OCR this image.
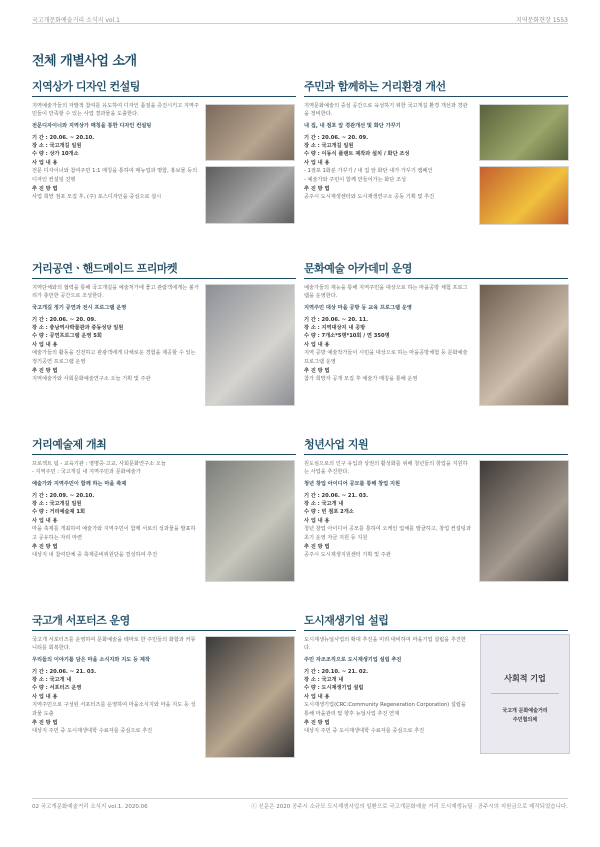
국고개문화예술거리 소식지 vol.1	지역문화현장 1553
전체 개별사업 소개
지역상가 디자인 컨설팅

지역예술가들의 자발적 참여를 유도하여 디자인 품질을 증진시키고 지역주민들이 만족할 수 있는 사업 결과물을 도출한다.

전문디자이너와 지역상가 매칭을 통한 디자인 컨설팅

기 간 : 20.06. ~ 20.10.

장 소 : 국고개길 일원

수 량 : 상가 10개소

사 업 내 용

전문 디자이너와 참여주민 1:1 매칭을 통하여 매뉴얼과 명함, 홍보물 등의 디자인 컨설팅 진행

추 진 방 법

사업 희망 점포 모집 후, (주) 포스디자인을 중심으로 설시

주민과 함께하는 거리환경 개선

지역문화예술의 중심 공간으로 육성하기 위한 국고개길 환경 개선과 경관을 정비한다.

내 집, 내 점포 앞 경관개선 및 화단 가꾸기

기 간 : 20.06. ~ 20. 09.

장 소 : 국고개길 일원

수 량 : 이동식 플랜트 제작과 설치 / 화단 조성

사 업 내 용

- 1점포 1화분 가꾸기 / 내 집 앞 화단 내가 가꾸기 캠페인
- 예술가와 주민이 함께 만들어가는 화단 조성

추 진 방 법

공주시 도시재생센터와 도시재생연구소 공동 기획 및 추진

거리공연ㆍ핸드메이드 프리마켓

지역단체와의 협력을 통해 국고개길을 예술처가에 좋고 관람객에게는 볼거리가 충만한 공간으로 조성한다.

국고개길 정기 공연과 전시 프로그램 운영

기 간 : 20.06. ~ 20. 09.

장 소 : 충남역사박물관과 중동성당 일원

수 량 : 공연프로그램 운영 5회

사 업 내 용

예술가들의 활동을 진전하고 관광객에게 다채로운 경험을 제공할 수 있는 정기공연 프로그램 운영

추 진 방 법

지역예술가와 사회문화예술연구소 오늘 기획 및 주관

문화예술 아카데미 운영

예술가들의 재능을 통해 지역주민을 대상으로 하는 마을공방 체험 프로그램을 운영한다.

지역주민 대상 마을 공방 등 교육 프로그램 운영

기 간 : 20.06. ~ 20. 11.

장 소 : 지역대상지 내 공방

수 량 : 7개소*5명*10회 / 연 350명

사 업 내 용

지역 공방 예술작가들이 시민을 대상으로 하는 마을공방체험 등 문화예술 프로그램 운영

추 진 방 법

참가 희망자 공개 모집 후 예술가 매칭을 통해 운영

거리예술제 개최

프로젝트 팀 - 교육기관 : 영명중·고교, 사회문화연구소 오늘
- 지역주민 : 국고개길 내 지역주민과 문화예술가

예술가와 지역주민이 함께 하는 마을 축제

기 간 : 20.09. ~ 20.10.

장 소 : 국고개길 일원

수 량 : 거리예술제 1회

사 업 내 용

마을 축제를 개최하여 예술가와 지역주민이 함께 서로의 성과물을 발표하고 공유하는 자리 마련

추 진 방 법

대상지 내 참여단체 중 축제준비위원단을 결성하여 추진

청년사업 지원

원도심으로의 인구 유입과 상권의 활성화를 위해 청년들의 창업을 지원하는 사업을 추진한다.

청년 창업 아이디어 공모를 통해 창업 지원

기 간 : 20.06. ~ 21. 03.

장 소 : 국고개 내

수 량 : 빈 점포 2개소

사 업 내 용

청년 창업 아이디어 공모를 통하여 오케인 업체를 발굴하고, 창업 컨설팅과 초기 운영 자금 지원 등 지원

추 진 방 법

공주시 도시재생지원센터 기획 및 주관

국고개 서포터즈 운영

국고개 서포터즈를 운영하여 문화예술을 테마로 한 주민들의 화합과 커뮤니티를 회복한다.

우리들의 이야기를 담은 마을 소식지와 지도 등 제작

기 간 : 20.06. ~ 21. 03.

장 소 : 국고개 내

수 량 : 서포터즈 운영

사 업 내 용

지역주민으로 구성된 서포터즈를 운영하여 마을소식지와 마을 지도 등 성과물 도출

추 진 방 법

대상지 주민 중 도시재생대학 수료자를 중심으로 추진

도시재생기업 설립

도시재생뉴딜사업의 확대 추진을 미리 대비하여 마을기업 설립을 추진한다.

주민 자조조직으로 도시재생기업 설립 추진

기 간 : 20.10. ~ 21. 02.

장 소 : 국고개 내

수 량 : 도시재생기업 설립

사 업 내 용

도시재생기업(CRC:Community Regeneration Corporation) 설립을 통해 마을관리 및 향후 뉴딜사업 추진 연계

추 진 방 법

대상지 주민 중 도시재생대학 수료자를 중심으로 추진

사회적 기업
국고개 문화예술거리
주민협의체
02 국고개문화예술거리 소식지 vol.1. 2020.06	ⓒ 신문은 2020 공주시 소규모 도시재생사업의 일환으로 국고개문화예술 거리 도시재생뉴딜 · 공주시의 지원금으로 제작되었습니다.
